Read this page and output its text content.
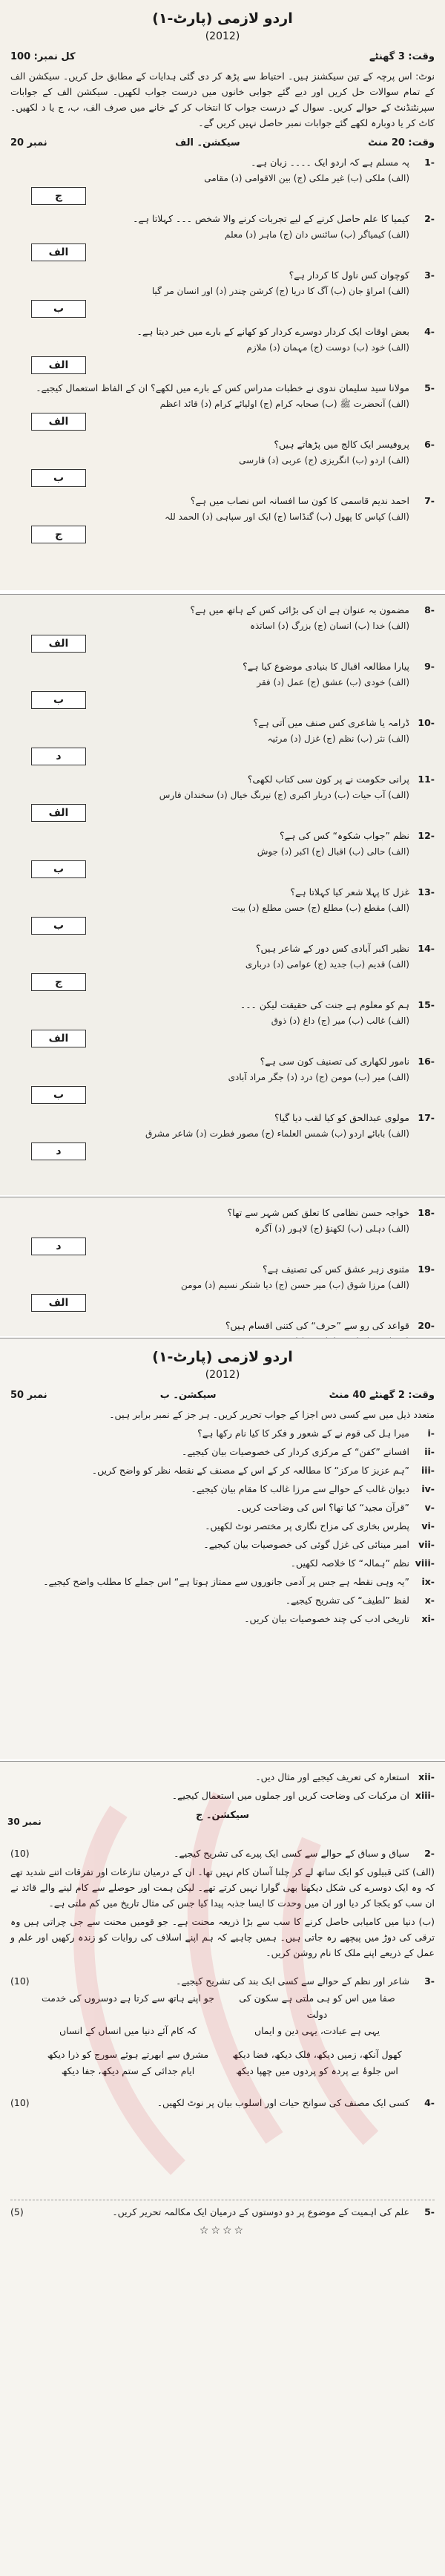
اردو لازمی (پارٹ-۱)
(2012)
وقت: 3 گھنٹے
کل نمبر: 100
نوٹ: اس پرچہ کے تین سیکشنز ہیں۔ احتیاط سے پڑھ کر دی گئی ہدایات کے مطابق حل کریں۔ سیکشن الف کے تمام سوالات حل کریں اور دیے گئے جوابی خانوں میں درست جواب لکھیں۔ سیکشن الف کے جوابات سپرنٹنڈنٹ کے حوالے کریں۔ سوال کے درست جواب کا انتخاب کر کے خانے میں صرف الف، ب، ج یا د لکھیں۔ کاٹ کر یا دوبارہ لکھے گئے جوابات نمبر حاصل نہیں کریں گے۔
وقت: 20 منٹ
سیکشن۔ الف
نمبر 20
-1
پہ مسلم ہے کہ اردو ایک ۔۔۔۔ زبان ہے۔
(الف) ملکی (ب) غیر ملکی (ج) بین الاقوامی (د) مقامی
ج
-2
کیمیا کا علم حاصل کرنے کے لیے تجربات کرنے والا شخص ۔۔۔ کہلاتا ہے۔
(الف) کیمیاگر (ب) سائنس دان (ج) ماہر (د) معلم
الف
-3
کوچوان کس ناول کا کردار ہے؟
(الف) امراؤ جان (ب) آگ کا دریا (ج) کرشن چندر (د) اور انسان مر گیا
ب
-4
بعض اوقات ایک کردار دوسرے کردار کو کھانے کے بارے میں خبر دیتا ہے۔
(الف) خود (ب) دوست (ج) مہمان (د) ملازم
الف
-5
مولانا سید سلیمان ندوی نے خطبات مدراس کس کے بارے میں لکھے؟ ان کے الفاظ استعمال کیجیے۔
(الف) آنحضرت ﷺ (ب) صحابہ کرام (ج) اولیائے کرام (د) قائد اعظم
الف
-6
پروفیسر ایک کالج میں پڑھاتے ہیں؟
(الف) اردو (ب) انگریزی (ج) عربی (د) فارسی
ب
-7
احمد ندیم قاسمی کا کون سا افسانہ اس نصاب میں ہے؟
(الف) کپاس کا پھول (ب) گنڈاسا (ج) ایک اور سپاہی (د) الحمد للہ
ج
-8
مضمون بہ عنوان ہے ان کی بڑائی کس کے ہاتھ میں ہے؟
(الف) خدا (ب) انسان (ج) بزرگ (د) اساتذہ
الف
-9
پیارا مطالعہ اقبال کا بنیادی موضوع کیا ہے؟
(الف) خودی (ب) عشق (ج) عمل (د) فقر
ب
-10
ڈرامہ یا شاعری کس صنف میں آتی ہے؟
(الف) نثر (ب) نظم (ج) غزل (د) مرثیہ
د
-11
پرانی حکومت نے پر کون سی کتاب لکھی؟
(الف) آب حیات (ب) دربار اکبری (ج) نیرنگ خیال (د) سخندان فارس
الف
-12
نظم ”جواب شکوہ“ کس کی ہے؟
(الف) حالی (ب) اقبال (ج) اکبر (د) جوش
ب
-13
غزل کا پہلا شعر کیا کہلاتا ہے؟
(الف) مقطع (ب) مطلع (ج) حسن مطلع (د) بیت
ب
-14
نظیر اکبر آبادی کس دور کے شاعر ہیں؟
(الف) قدیم (ب) جدید (ج) عوامی (د) درباری
ج
-15
ہم کو معلوم ہے جنت کی حقیقت لیکن ۔۔۔
(الف) غالب (ب) میر (ج) داغ (د) ذوق
الف
-16
نامور لکھاری کی تصنیف کون سی ہے؟
(الف) میر (ب) مومن (ج) درد (د) جگر مراد آبادی
ب
-17
مولوی عبدالحق کو کیا لقب دیا گیا؟
(الف) بابائے اردو (ب) شمس العلماء (ج) مصور فطرت (د) شاعر مشرق
د
-18
خواجہ حسن نظامی کا تعلق کس شہر سے تھا؟
(الف) دہلی (ب) لکھنؤ (ج) لاہور (د) آگرہ
د
-19
مثنوی زہر عشق کس کی تصنیف ہے؟
(الف) مرزا شوق (ب) میر حسن (ج) دیا شنکر نسیم (د) مومن
الف
-20
قواعد کی رو سے ”حرف“ کی کتنی اقسام ہیں؟
اردو لازمی (پارٹ-۱)
(2012)
وقت: 2 گھنٹے 40 منٹ
سیکشن۔ ب
نمبر 50
متعدد ذیل میں سے کسی دس اجزا کے جواب تحریر کریں۔ ہر جز کے نمبر برابر ہیں۔
-i
میرا ہل کی قوم نے کے شعور و فکر کا کیا نام رکھا ہے؟
-ii
افسانے ”کفن“ کے مرکزی کردار کی خصوصیات بیان کیجیے۔
-iii
”ہم عزیز کا مرکز“ کا مطالعہ کر کے اس کے مصنف کے نقطہ نظر کو واضح کریں۔
-iv
دیوان غالب کے حوالے سے مرزا غالب کا مقام بیان کیجیے۔
-v
”قرآن مجید“ کیا تھا؟ اس کی وضاحت کریں۔
-vi
پطرس بخاری کی مزاح نگاری پر مختصر نوٹ لکھیں۔
-vii
امیر مینائی کی غزل گوئی کی خصوصیات بیان کیجیے۔
-viii
نظم ”ہمالہ“ کا خلاصہ لکھیں۔
-ix
”یہ وہی نقطہ ہے جس پر آدمی جانوروں سے ممتاز ہوتا ہے“ اس جملے کا مطلب واضح کیجیے۔
-x
لفظ ”لطیف“ کی تشریح کیجیے۔
-xi
تاریخی ادب کی چند خصوصیات بیان کریں۔
-xii
استعارہ کی تعریف کیجیے اور مثال دیں۔
-xiii
ان مرکبات کی وضاحت کریں اور جملوں میں استعمال کیجیے۔
سیکشن۔ ج
نمبر 30
-2
سیاق و سباق کے حوالے سے کسی ایک پیرے کی تشریح کیجیے۔
(10)
(الف) کئی قبیلوں کو ایک ساتھ لے کر چلنا آسان کام نہیں تھا۔ ان کے درمیان تنازعات اور تفرقات اتنے شدید تھے کہ وہ ایک دوسرے کی شکل دیکھنا بھی گوارا نہیں کرتے تھے۔ لیکن ہمت اور حوصلے سے کام لینے والے قائد نے ان سب کو یکجا کر دیا اور ان میں وحدت کا ایسا جذبہ پیدا کیا جس کی مثال تاریخ میں کم ملتی ہے۔
(ب) دنیا میں کامیابی حاصل کرنے کا سب سے بڑا ذریعہ محنت ہے۔ جو قومیں محنت سے جی چراتی ہیں وہ ترقی کی دوڑ میں پیچھے رہ جاتی ہیں۔ ہمیں چاہیے کہ ہم اپنے اسلاف کی روایات کو زندہ رکھیں اور علم و عمل کے ذریعے اپنے ملک کا نام روشن کریں۔
-3
شاعر اور نظم کے حوالے سے کسی ایک بند کی تشریح کیجیے۔
(10)
صفا میں اس کو ہی ملتی ہے سکون کی دولت
جو اپنے ہاتھ سے کرتا ہے دوسروں کی خدمت
یہی ہے عبادت، یہی دین و ایماں
کہ کام آئے دنیا میں انساں کے انساں
کھول آنکھ، زمیں دیکھ، فلک دیکھ، فضا دیکھ
مشرق سے ابھرتے ہوئے سورج کو ذرا دیکھ
اس جلوۂ بے پردہ کو پردوں میں چھپا دیکھ
ایام جدائی کے ستم دیکھ، جفا دیکھ
-4
کسی ایک مصنف کی سوانح حیات اور اسلوب بیان پر نوٹ لکھیں۔
(10)
-5
علم کی اہمیت کے موضوع پر دو دوستوں کے درمیان ایک مکالمہ تحریر کریں۔
(5)
☆☆☆☆
